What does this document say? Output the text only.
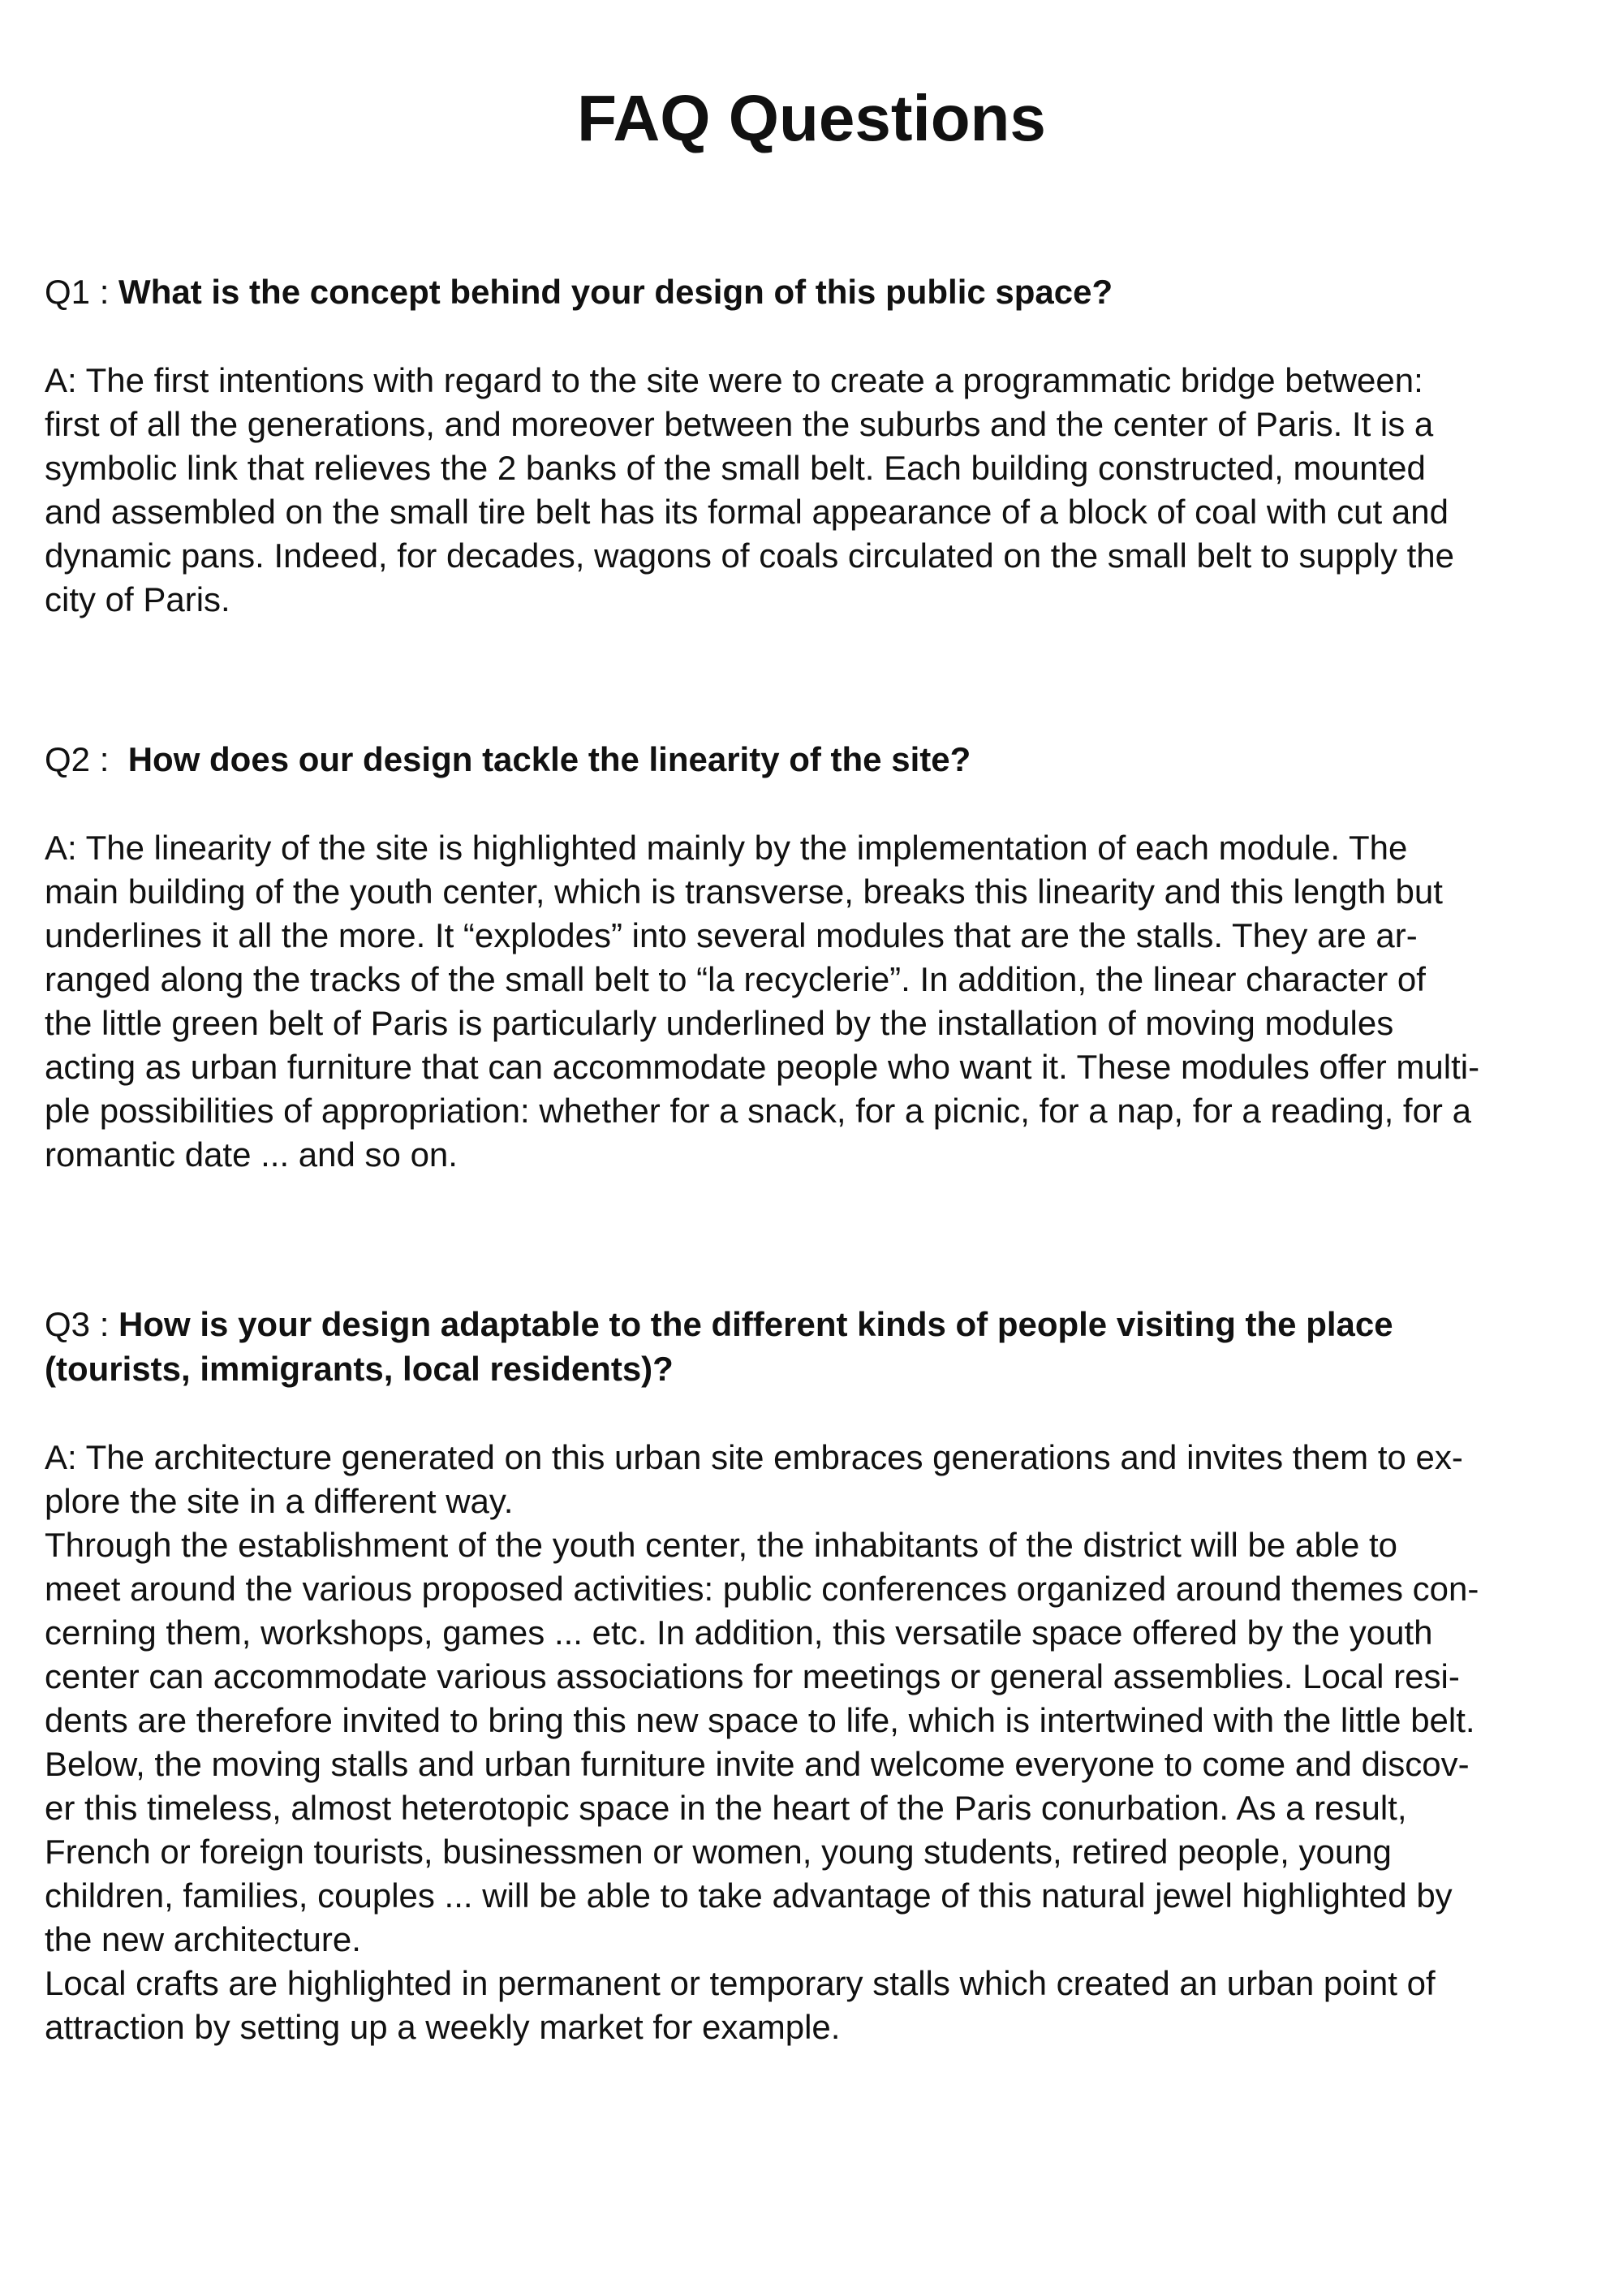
FAQ Questions

Q1 : What is the concept behind your design of this public space?

A: The first intentions with regard to the site were to create a programmatic bridge between:
first of all the generations, and moreover between the suburbs and the center of Paris. It is a
symbolic link that relieves the 2 banks of the small belt. Each building constructed, mounted
and assembled on the small tire belt has its formal appearance of a block of coal with cut and
dynamic pans. Indeed, for decades, wagons of coals circulated on the small belt to supply the
city of Paris.

Q2 :  How does our design tackle the linearity of the site?

A: The linearity of the site is highlighted mainly by the implementation of each module. The
main building of the youth center, which is transverse, breaks this linearity and this length but
underlines it all the more. It “explodes” into several modules that are the stalls. They are ar-
ranged along the tracks of the small belt to “la recyclerie”. In addition, the linear character of
the little green belt of Paris is particularly underlined by the installation of moving modules
acting as urban furniture that can accommodate people who want it. These modules offer multi-
ple possibilities of appropriation: whether for a snack, for a picnic, for a nap, for a reading, for a
romantic date ... and so on.
Q3 : How is your design adaptable to the different kinds of people visiting the place
(tourists, immigrants, local residents)?
A: The architecture generated on this urban site embraces generations and invites them to ex-
plore the site in a different way.
Through the establishment of the youth center, the inhabitants of the district will be able to
meet around the various proposed activities: public conferences organized around themes con-
cerning them, workshops, games ... etc. In addition, this versatile space offered by the youth
center can accommodate various associations for meetings or general assemblies. Local resi-
dents are therefore invited to bring this new space to life, which is intertwined with the little belt.
Below, the moving stalls and urban furniture invite and welcome everyone to come and discov-
er this timeless, almost heterotopic space in the heart of the Paris conurbation. As a result,
French or foreign tourists, businessmen or women, young students, retired people, young
children, families, couples ... will be able to take advantage of this natural jewel highlighted by
the new architecture.
Local crafts are highlighted in permanent or temporary stalls which created an urban point of
attraction by setting up a weekly market for example.
